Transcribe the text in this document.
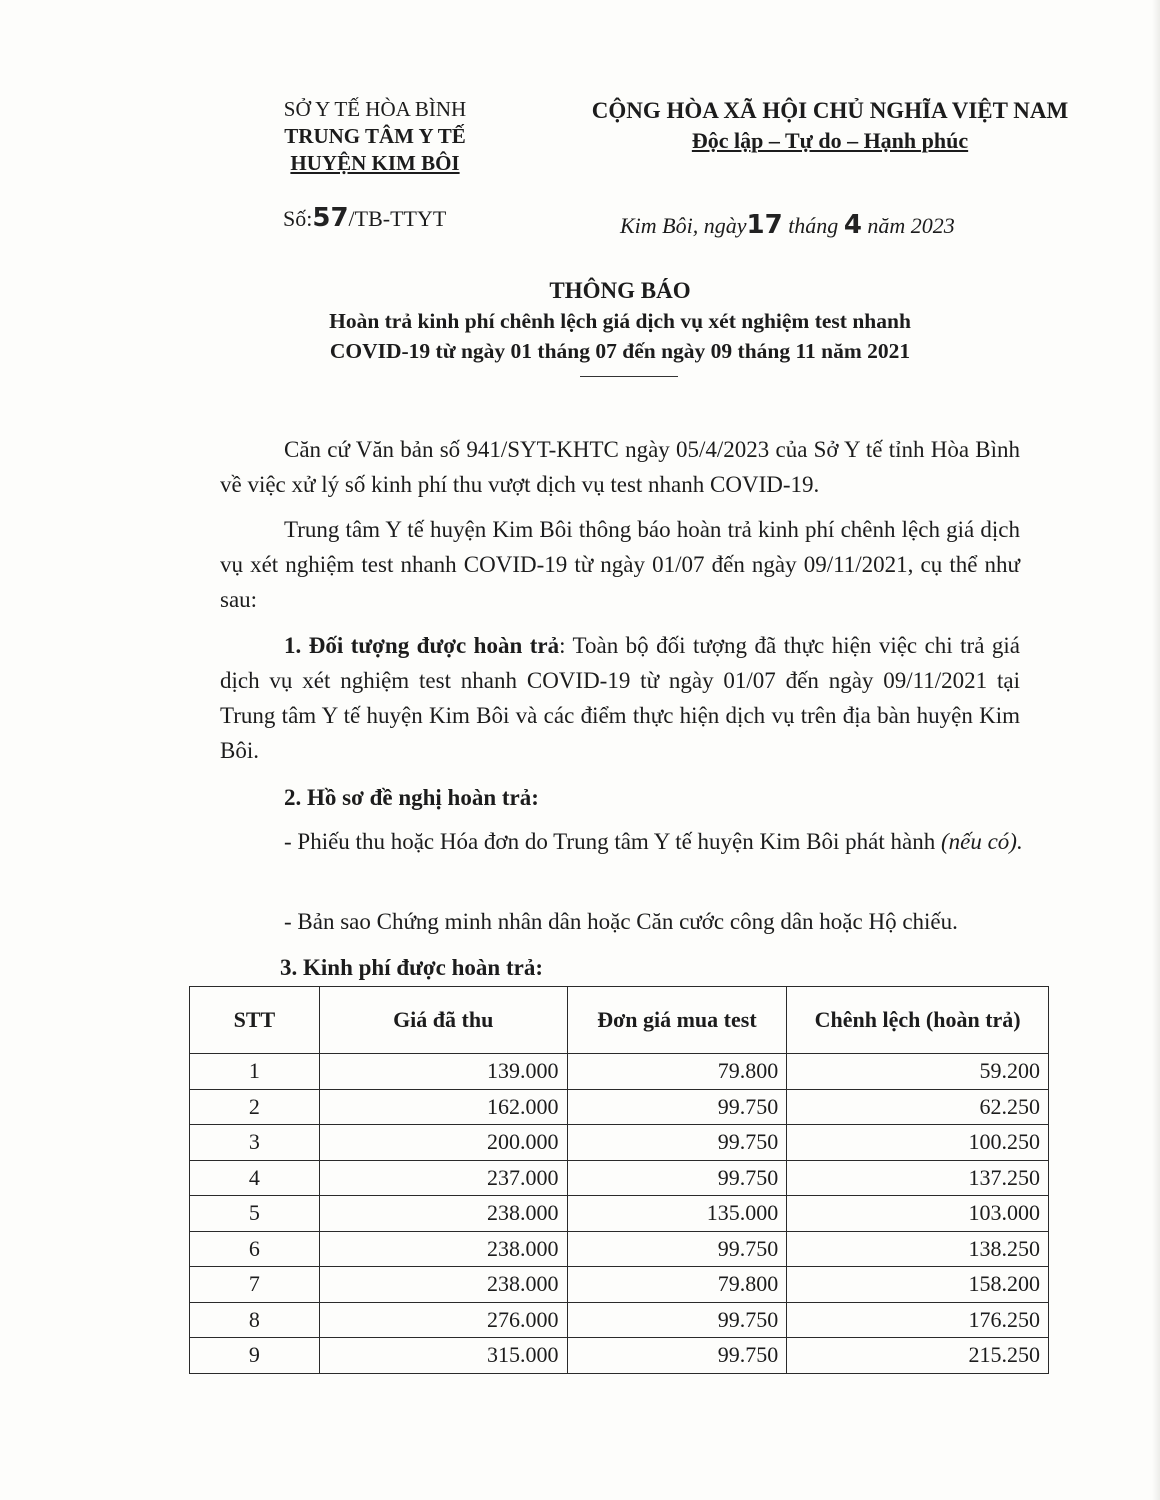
SỞ Y TẾ HÒA BÌNH
TRUNG TÂM Y TẾ
HUYỆN KIM BÔI
CỘNG HÒA XÃ HỘI CHỦ NGHĨA VIỆT NAM
Độc lập – Tự do – Hạnh phúc
Số:57/TB-TTYT	Kim Bôi, ngày17 tháng 4 năm 2023
THÔNG BÁO
Hoàn trả kinh phí chênh lệch giá dịch vụ xét nghiệm test nhanh
COVID-19 từ ngày 01 tháng 07 đến ngày 09 tháng 11 năm 2021
Căn cứ Văn bản số 941/SYT-KHTC ngày 05/4/2023 của Sở Y tế tỉnh Hòa Bình về việc xử lý số kinh phí thu vượt dịch vụ test nhanh COVID-19.
Trung tâm Y tế huyện Kim Bôi thông báo hoàn trả kinh phí chênh lệch giá dịch vụ xét nghiệm test nhanh COVID-19 từ ngày 01/07 đến ngày 09/11/2021, cụ thể như sau:
1. Đối tượng được hoàn trả: Toàn bộ đối tượng đã thực hiện việc chi trả giá dịch vụ xét nghiệm test nhanh COVID-19 từ ngày 01/07 đến ngày 09/11/2021 tại Trung tâm Y tế huyện Kim Bôi và các điểm thực hiện dịch vụ trên địa bàn huyện Kim Bôi.
2. Hồ sơ đề nghị hoàn trả:
- Phiếu thu hoặc Hóa đơn do Trung tâm Y tế huyện Kim Bôi phát hành (nếu có).
- Bản sao Chứng minh nhân dân hoặc Căn cước công dân hoặc Hộ chiếu.
3. Kinh phí được hoàn trả:
STT	Giá đã thu	Đơn giá mua test	Chênh lệch (hoàn trả)
1	139.000	79.800	59.200
2	162.000	99.750	62.250
3	200.000	99.750	100.250
4	237.000	99.750	137.250
5	238.000	135.000	103.000
6	238.000	99.750	138.250
7	238.000	79.800	158.200
8	276.000	99.750	176.250
9	315.000	99.750	215.250
